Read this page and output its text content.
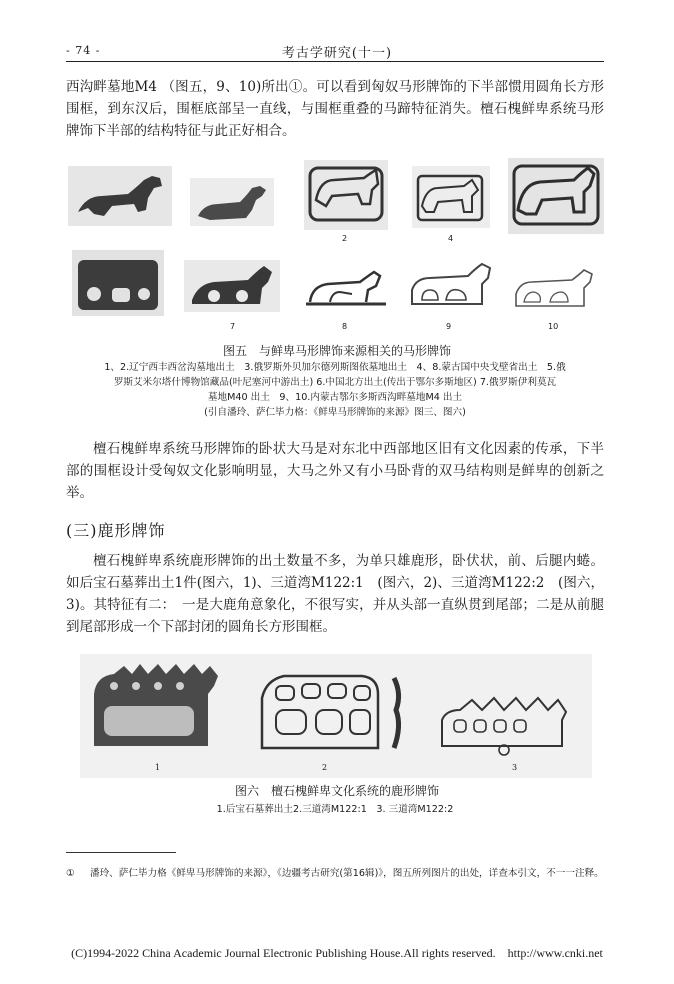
- 74 -	考古学研究(十一)

西沟畔墓地M4 （图五，9、10)所出①。可以看到匈奴马形牌饰的下半部惯用圆角长方形围框，到东汉后，围框底部呈一直线，与围框重叠的马蹄特征消失。檀石槐鲜卑系统马形牌饰下半部的结构特征与此正好相合。

2	4
7	8	9	10
图五　与鲜卑马形牌饰来源相关的马形牌饰
1、2.辽宁西丰西岔沟墓地出土　3.俄罗斯外贝加尔德列斯图依墓地出土　4、8.蒙古国中央戈壁省出土　5.俄
罗斯艾米尔塔什博物馆藏品(叶尼塞河中游出土) 6.中国北方出土(传出于鄂尔多斯地区) 7.俄罗斯伊利莫瓦
墓地M40 出土　9、10.内蒙古鄂尔多斯西沟畔墓地M4 出土
(引自潘玲、萨仁毕力格：《鲜卑马形牌饰的来源》图三、图六)

檀石槐鲜卑系统马形牌饰的卧状大马是对东北中西部地区旧有文化因素的传承，下半部的围框设计受匈奴文化影响明显，大马之外又有小马卧背的双马结构则是鲜卑的创新之举。

(三)鹿形牌饰

檀石槐鲜卑系统鹿形牌饰的出土数量不多，为单只雄鹿形，卧伏状，前、后腿内蜷。如后宝石墓葬出土1件(图六，1)、三道湾M122:1　(图六，2)、三道湾M122:2　(图六，3)。其特征有二：　一是大鹿角意象化，不很写实，并从头部一直纵贯到尾部；二是从前腿到尾部形成一个下部封闭的圆角长方形围框。

1	2	3
图六　檀石槐鲜卑文化系统的鹿形牌饰
1.后宝石墓葬出土2.三道湾M122:1　3. 三道湾M122:2
①	潘玲、萨仁毕力格《鲜卑马形牌饰的来源》，《边疆考古研究(第16辑)》，图五所列图片的出处，详查本引文，不一一注释。
(C)1994-2022 China Academic Journal Electronic Publishing House.All rights reserved.　http://www.cnki.net
